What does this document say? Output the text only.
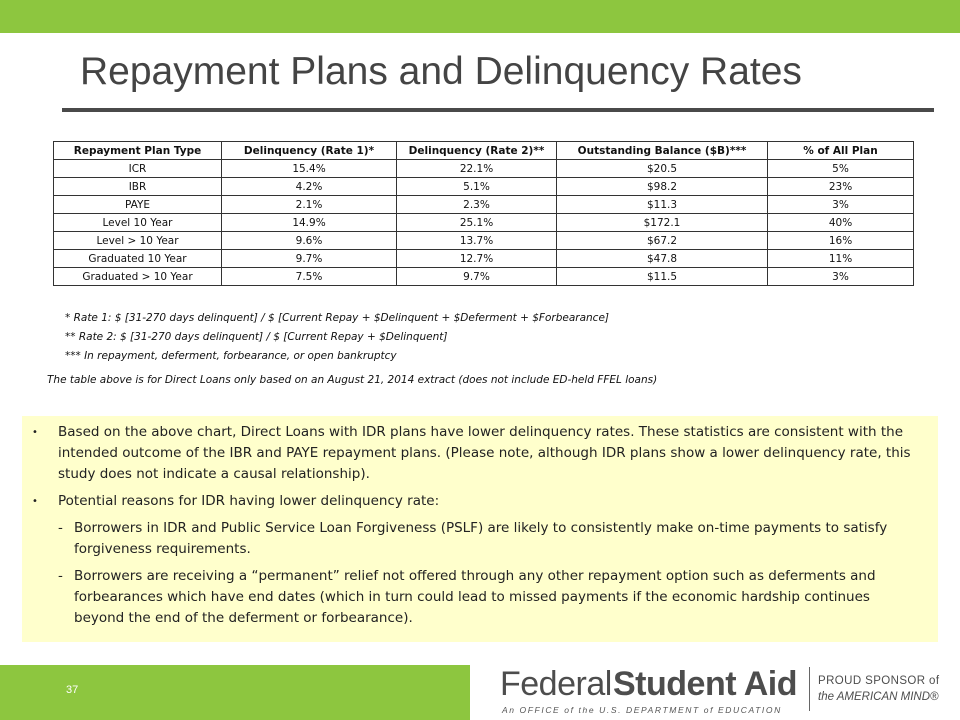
Repayment Plans and Delinquency Rates
Repayment Plan Type	Delinquency (Rate 1)*	Delinquency (Rate 2)**	Outstanding Balance ($B)***	% of All Plan
ICR	15.4%	22.1%	$20.5	5%
IBR	4.2%	5.1%	$98.2	23%
PAYE	2.1%	2.3%	$11.3	3%
Level 10 Year	14.9%	25.1%	$172.1	40%
Level > 10 Year	9.6%	13.7%	$67.2	16%
Graduated 10 Year	9.7%	12.7%	$47.8	11%
Graduated > 10 Year	7.5%	9.7%	$11.5	3%
* Rate 1: $ [31-270 days delinquent] / $ [Current Repay + $Delinquent + $Deferment + $Forbearance]
** Rate 2: $ [31-270 days delinquent] / $ [Current Repay + $Delinquent]
*** In repayment, deferment, forbearance, or open bankruptcy
The table above is for Direct Loans only based on an August 21, 2014 extract (does not include ED-held FFEL loans)
• Based on the above chart, Direct Loans with IDR plans have lower delinquency rates. These statistics are consistent with the intended outcome of the IBR and PAYE repayment plans. (Please note, although IDR plans show a lower delinquency rate, this study does not indicate a causal relationship).
• Potential reasons for IDR having lower delinquency rate:
- Borrowers in IDR and Public Service Loan Forgiveness (PSLF) are likely to consistently make on-time payments to satisfy forgiveness requirements.
- Borrowers are receiving a “permanent” relief not offered through any other repayment option such as deferments and forbearances which have end dates (which in turn could lead to missed payments if the economic hardship continues beyond the end of the deferment or forbearance).
37	Federal Student Aid
An OFFICE of the U.S. DEPARTMENT of EDUCATION
PROUD SPONSOR of
the AMERICAN MIND®
